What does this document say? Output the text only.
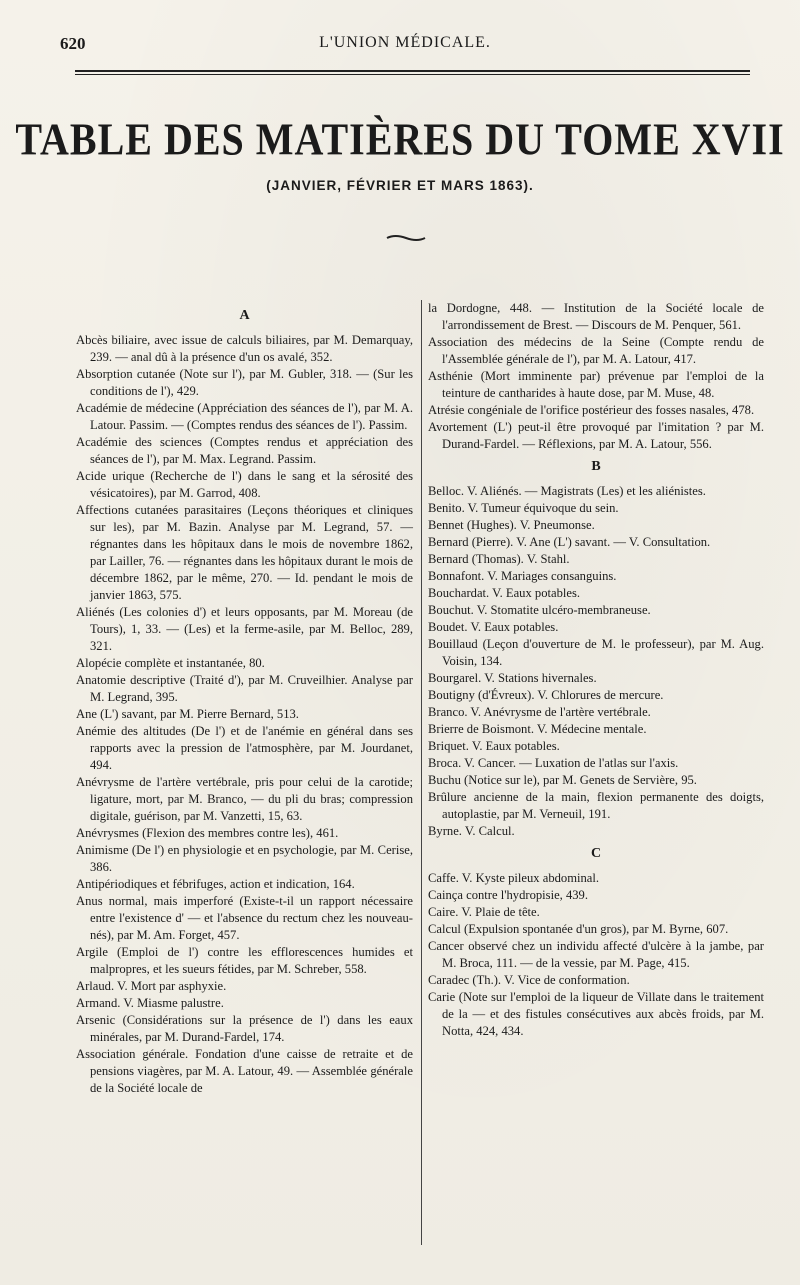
620	L'UNION MÉDICALE.
TABLE DES MATIÈRES DU TOME XVII
(JANVIER, FÉVRIER ET MARS 1863).
A

Abcès biliaire, avec issue de calculs biliaires, par M. Demarquay, 239. — anal dû à la présence d'un os avalé, 352.

Absorption cutanée (Note sur l'), par M. Gubler, 318. — (Sur les conditions de l'), 429.

Académie de médecine (Appréciation des séances de l'), par M. A. Latour. Passim. — (Comptes rendus des séances de l'). Passim.

Académie des sciences (Comptes rendus et appréciation des séances de l'), par M. Max. Legrand. Passim.

Acide urique (Recherche de l') dans le sang et la sérosité des vésicatoires), par M. Garrod, 408.

Affections cutanées parasitaires (Leçons théoriques et cliniques sur les), par M. Bazin. Analyse par M. Legrand, 57. — régnantes dans les hôpitaux dans le mois de novembre 1862, par Lailler, 76. — régnantes dans les hôpitaux durant le mois de décembre 1862, par le même, 270. — Id. pendant le mois de janvier 1863, 575.

Aliénés (Les colonies d') et leurs opposants, par M. Moreau (de Tours), 1, 33. — (Les) et la ferme-asile, par M. Belloc, 289, 321.

Alopécie complète et instantanée, 80.

Anatomie descriptive (Traité d'), par M. Cruveilhier. Analyse par M. Legrand, 395.

Ane (L') savant, par M. Pierre Bernard, 513.

Anémie des altitudes (De l') et de l'anémie en général dans ses rapports avec la pression de l'atmosphère, par M. Jourdanet, 494.

Anévrysme de l'artère vertébrale, pris pour celui de la carotide; ligature, mort, par M. Branco, — du pli du bras; compression digitale, guérison, par M. Vanzetti, 15, 63.

Anévrysmes (Flexion des membres contre les), 461.

Animisme (De l') en physiologie et en psychologie, par M. Cerise, 386.

Antipériodiques et fébrifuges, action et indication, 164.

Anus normal, mais imperforé (Existe-t-il un rapport nécessaire entre l'existence d' — et l'absence du rectum chez les nouveau-nés), par M. Am. Forget, 457.

Argile (Emploi de l') contre les efflorescences humides et malpropres, et les sueurs fétides, par M. Schreber, 558.

Arlaud. V. Mort par asphyxie.

Armand. V. Miasme palustre.

Arsenic (Considérations sur la présence de l') dans les eaux minérales, par M. Durand-Fardel, 174.

Association générale. Fondation d'une caisse de retraite et de pensions viagères, par M. A. Latour, 49. — Assemblée générale de la Société locale de

la Dordogne, 448. — Institution de la Société locale de l'arrondissement de Brest. — Discours de M. Penquer, 561.

Association des médecins de la Seine (Compte rendu de l'Assemblée générale de l'), par M. A. Latour, 417.

Asthénie (Mort imminente par) prévenue par l'emploi de la teinture de cantharides à haute dose, par M. Muse, 48.

Atrésie congéniale de l'orifice postérieur des fosses nasales, 478.

Avortement (L') peut-il être provoqué par l'imitation ? par M. Durand-Fardel. — Réflexions, par M. A. Latour, 556.

B

Belloc. V. Aliénés. — Magistrats (Les) et les aliénistes.

Benito. V. Tumeur équivoque du sein.

Bennet (Hughes). V. Pneumonse.

Bernard (Pierre). V. Ane (L') savant. — V. Consultation.

Bernard (Thomas). V. Stahl.

Bonnafont. V. Mariages consanguins.

Bouchardat. V. Eaux potables.

Bouchut. V. Stomatite ulcéro-membraneuse.

Boudet. V. Eaux potables.

Bouillaud (Leçon d'ouverture de M. le professeur), par M. Aug. Voisin, 134.

Bourgarel. V. Stations hivernales.

Boutigny (d'Évreux). V. Chlorures de mercure.

Branco. V. Anévrysme de l'artère vertébrale.

Brierre de Boismont. V. Médecine mentale.

Briquet. V. Eaux potables.

Broca. V. Cancer. — Luxation de l'atlas sur l'axis.

Buchu (Notice sur le), par M. Genets de Servière, 95.

Brûlure ancienne de la main, flexion permanente des doigts, autoplastie, par M. Verneuil, 191.

Byrne. V. Calcul.

C

Caffe. V. Kyste pileux abdominal.

Cainça contre l'hydropisie, 439.

Caire. V. Plaie de tête.

Calcul (Expulsion spontanée d'un gros), par M. Byrne, 607.

Cancer observé chez un individu affecté d'ulcère à la jambe, par M. Broca, 111. — de la vessie, par M. Page, 415.

Caradec (Th.). V. Vice de conformation.

Carie (Note sur l'emploi de la liqueur de Villate dans le traitement de la — et des fistules consécutives aux abcès froids, par M. Notta, 424, 434.
